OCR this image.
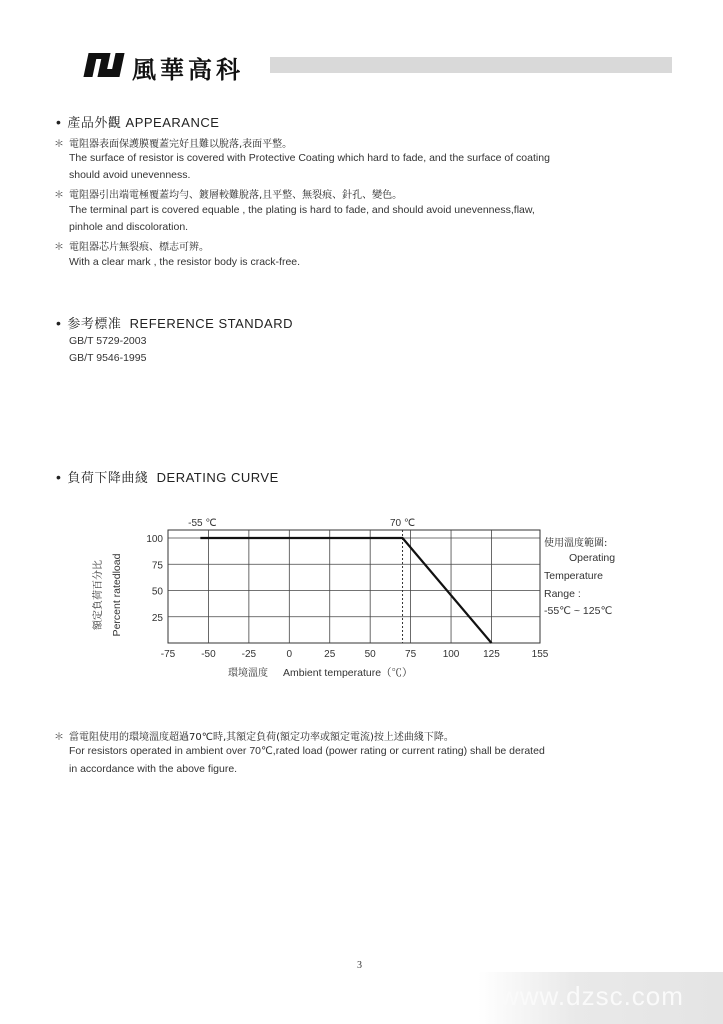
風華高科
• 產品外觀 APPEARANCE
＊ 電阻器表面保護膜覆蓋完好且難以脫落,表面平整。
The surface of resistor is covered with Protective Coating which hard to fade, and the surface of coating
should avoid unevenness.
＊ 電阻器引出端電極覆蓋均勻、鍍層較難脫落,且平整、無裂痕、針孔、變色。
The terminal part is covered equable , the plating is hard to fade, and should avoid unevenness,flaw,
pinhole and discoloration.
＊ 電阻器芯片無裂痕、標志可辨。
With a clear mark , the resistor body is crack-free.
• 参考標准 REFERENCE STANDARD
GB/T 5729-2003
GB/T 9546-1995
• 負荷下降曲綫 DERATING CURVE
-75	-50	-25	0	25	50	75	100 125	155
100
75
50
25
-55 ℃	70 ℃
額定負荷百分比 Percent ratedload
環境溫度 Ambient temperature（℃）
使用溫度範圍:
Operating
Temperature
Range :
-55℃ ~ 125℃
＊ 當電阻使用的環境溫度超過70℃時,其額定負荷(額定功率或額定電流)按上述曲綫下降。
For resistors operated in ambient over 70℃,rated load (power rating or current rating) shall be derated
in accordance with the above figure.
3
www.dzsc.com
